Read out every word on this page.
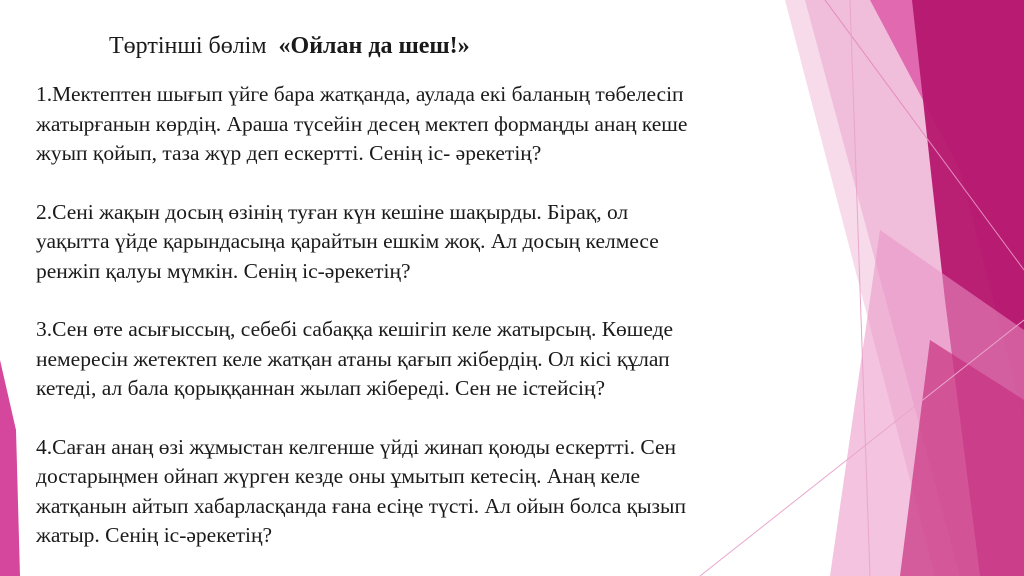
Төртінші бөлім «Ойлан да шеш!»

1.Мектептен шығып үйге бара жатқанда, аулада екі баланың төбелесіп
жатырғанын көрдің. Араша түсейін десең мектеп формаңды анаң кеше
жуып қойып, таза жүр деп ескертті. Сенің іс- әрекетің?

2.Сені жақын досың өзінің туған күн кешіне шақырды. Бірақ, ол
уақытта үйде қарындасыңа қарайтын ешкім жоқ. Ал досың келмесе
ренжіп қалуы мүмкін. Сенің іс-әрекетің?

3.Сен өте асығыссың, себебі сабаққа кешігіп келе жатырсың. Көшеде
немересін жетектеп келе жатқан атаны қағып жібердің. Ол кісі құлап
кетеді, ал бала қорыққаннан жылап жібереді. Сен не істейсің?

4.Саған анаң өзі жұмыстан келгенше үйді жинап қоюды ескертті. Сен
достарыңмен ойнап жүрген кезде оны ұмытып кетесің. Анаң келе
жатқанын айтып хабарласқанда ғана есіңе түсті. Ал ойын болса қызып
жатыр. Сенің іс-әрекетің?
